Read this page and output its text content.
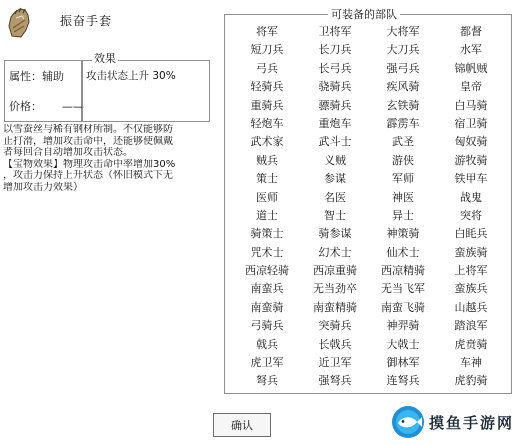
振奋手套
属性：辅助
价格： ——
效果
攻击状态上升 30%
以雪蚕丝与稀有钢材所制。不仅能够防
止打滑，增加攻击命中，还能够使佩戴
者每回合自动增加攻击状态。
【宝物效果】物理攻击命中率增加30%
，攻击力保持上升状态（怀旧模式下无
增加攻击力效果）
可装备的部队
将军	卫将军	大将军	都督
短刀兵	长刀兵	大刀兵	水军
弓兵	长弓兵	强弓兵	锦帆贼
轻骑兵	骁骑兵	疾风骑	皇帝
重骑兵	骠骑兵	玄铁骑	白马骑
轻炮车	重炮车	霹雳车	宿卫骑
武术家	武斗士	武圣	匈奴骑
贼兵	义贼	游侠	游牧骑
策士	参谋	军师	铁甲车
医师	名医	神医	战鬼
道士	智士	异士	突将
骑策士	骑参谋	神策骑	白眊兵
咒术士	幻术士	仙术士	蛮族骑
西凉轻骑	西凉重骑	西凉精骑	上将军
南蛮兵	无当劲卒	无当飞军	蛮族兵
南蛮骑	南蛮精骑	南蛮飞骑	山越兵
弓骑兵	突骑兵	神羿骑	踏浪军
戟兵	长戟兵	大戟士	虎贲骑
虎卫军	近卫军	御林军	车神
弩兵	强弩兵	连弩兵	虎豹骑
确认	摸鱼手游网
